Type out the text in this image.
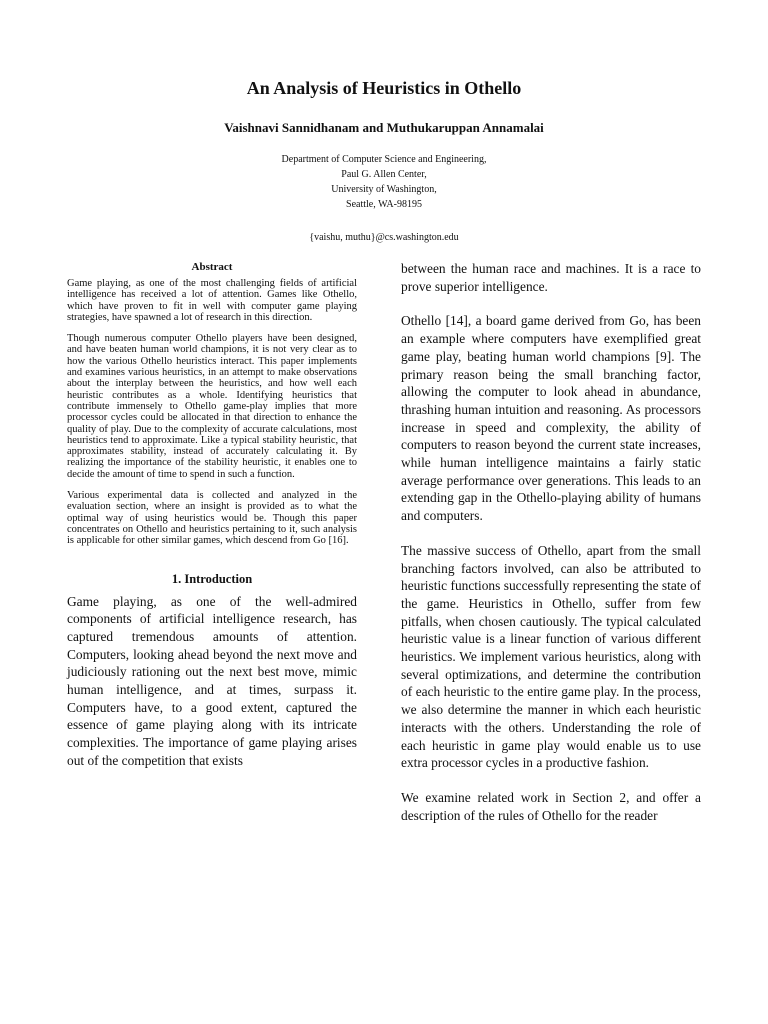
An Analysis of Heuristics in Othello
Vaishnavi Sannidhanam and Muthukaruppan Annamalai
Department of Computer Science and Engineering,
Paul G. Allen Center,
University of Washington,
Seattle, WA-98195
{vaishu, muthu}@cs.washington.edu
Abstract

Game playing, as one of the most challenging fields of artificial intelligence has received a lot of attention. Games like Othello, which have proven to fit in well with computer game playing strategies, have spawned a lot of research in this direction.

Though numerous computer Othello players have been designed, and have beaten human world champions, it is not very clear as to how the various Othello heuristics interact. This paper implements and examines various heuristics, in an attempt to make observations about the interplay between the heuristics, and how well each heuristic contributes as a whole. Identifying heuristics that contribute immensely to Othello game-play implies that more processor cycles could be allocated in that direction to enhance the quality of play. Due to the complexity of accurate calculations, most heuristics tend to approximate. Like a typical stability heuristic, that approximates stability, instead of accurately calculating it. By realizing the importance of the stability heuristic, it enables one to decide the amount of time to spend in such a function.

Various experimental data is collected and analyzed in the evaluation section, where an insight is provided as to what the optimal way of using heuristics would be. Though this paper concentrates on Othello and heuristics pertaining to it, such analysis is applicable for other similar games, which descend from Go [16].

1. Introduction

Game playing, as one of the well-admired components of artificial intelligence research, has captured tremendous amounts of attention. Computers, looking ahead beyond the next move and judiciously rationing out the next best move, mimic human intelligence, and at times, surpass it. Computers have, to a good extent, captured the essence of game playing along with its intricate complexities. The importance of game playing arises out of the competition that exists

between the human race and machines. It is a race to prove superior intelligence.

Othello [14], a board game derived from Go, has been an example where computers have exemplified great game play, beating human world champions [9]. The primary reason being the small branching factor, allowing the computer to look ahead in abundance, thrashing human intuition and reasoning. As processors increase in speed and complexity, the ability of computers to reason beyond the current state increases, while human intelligence maintains a fairly static average performance over generations. This leads to an extending gap in the Othello-playing ability of humans and computers.

The massive success of Othello, apart from the small branching factors involved, can also be attributed to heuristic functions successfully representing the state of the game. Heuristics in Othello, suffer from few pitfalls, when chosen cautiously. The typical calculated heuristic value is a linear function of various different heuristics. We implement various heuristics, along with several optimizations, and determine the contribution of each heuristic to the entire game play. In the process, we also determine the manner in which each heuristic interacts with the others. Understanding the role of each heuristic in game play would enable us to use extra processor cycles in a productive fashion.

We examine related work in Section 2, and offer a description of the rules of Othello for the reader
